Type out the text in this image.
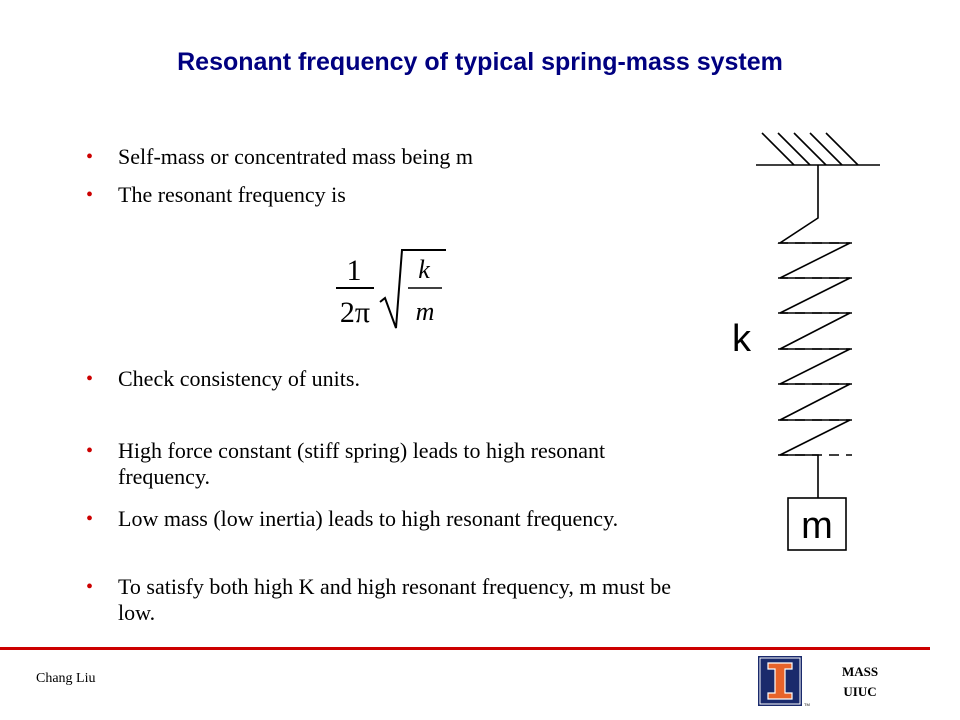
Resonant frequency of typical spring-mass system
• Self-mass or concentrated mass being m
• The resonant frequency is
• Check consistency of units.
• High force constant (stiff spring) leads to high resonant frequency.
• Low mass (low inertia) leads to high resonant frequency.
• To satisfy both high K and high resonant frequency, m must be low.
1
2π
k
m
k
m
Chang Liu
TM
MASS
UIUC
